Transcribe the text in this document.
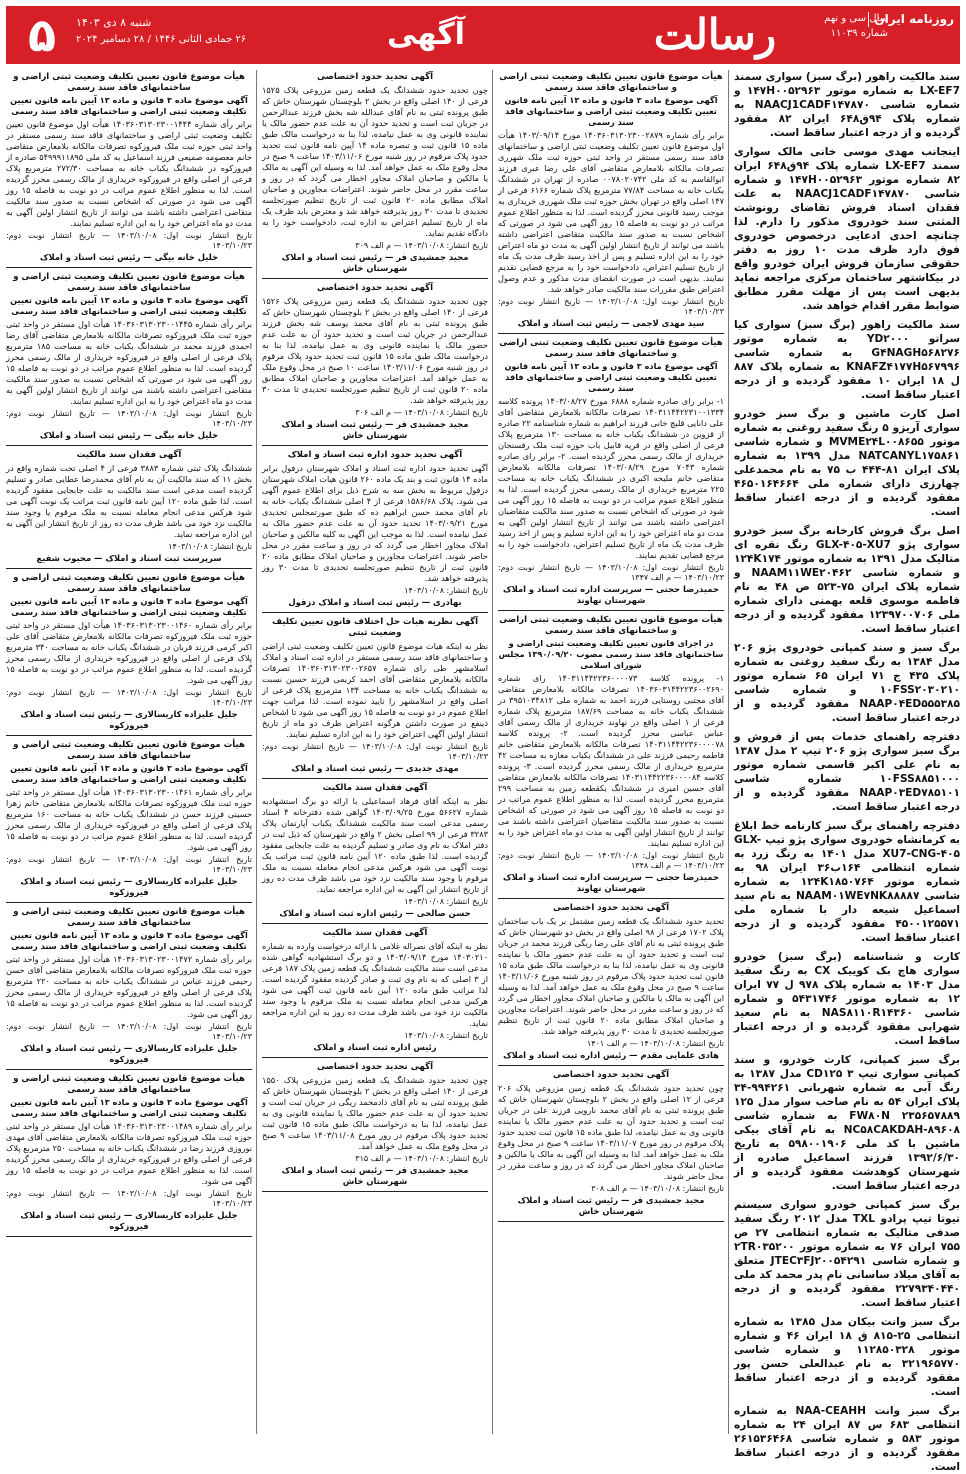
روزنامه ایران
سال سی و نهم
شماره ۱۱۰۳۹
رسالت
آگهی
شنبه ۸ دی ۱۴۰۳
۲۶ جمادی الثانی ۱۴۴۶ / ۲۸ دسامبر ۲۰۲۴
۵

سند مالکیت راهور (برگ سبز) سواری سمند LX-EF7 به شماره موتور ۱۴۷H۰۰۵۲۹۶۳ و شماره شاسی NAACJ1CADF۱۴۷۸۷۰ به شماره پلاک ۹۴ق۶۴۸ ایران ۸۲ مفقود گردیده و از درجه اعتبار ساقط است.

اینجانب مهدی موسی خانی مالک سواری سمند LX-EF7 شماره پلاک ۹۴ق۶۴۸ ایران ۸۲ شماره موتور ۱۴۷H۰۰۵۲۹۶۳ و شماره شاسی NAACJ1CADF۱۴۷۸۷۰ به علت فقدان اسناد فروش تقاضای رونوشت المثنی سند خودروی مذکور را دارم. لذا چنانچه احدی ادعایی درخصوص خودروی فوق دارد ظرف مدت ۱۰ روز به دفتر حقوقی سازمان فروش ایران خودرو واقع در بیکاشتهر ساختمان مرکزی مراجعه نماید بدیهی است پس از مهلت مقرر مطابق ضوابط مقرر اقدام خواهد شد.

سند مالکیت راهور (برگ سبز) سواری کیا سراتو YD۲۰۰۰ به شماره موتور G۴NAGH۵۶۸۲۷۶ به شماره شاسی KNAFZ۴۱۷۷H۵۶۷۹۹۶ به شماره پلاک ۸۸۷ ل ۱۸ ایران ۱۰ مفقود گردیده و از درجه اعتبار ساقط است.

اصل کارت ماشین و برگ سبز خودرو سواری آریزو ۵ رنگ سفید روغنی به شماره موتور MVME۲۴L۰۰۸۶۵۵ و شماره شاسی NATCANYL۱۷۵۸۶۱ مدل ۱۳۹۹ به شماره پلاک ایران ۸۱-۴۴۴ ب ۷۵ به نام محمدعلی چهارزی دارای شماره ملی ۴۶۵۰۱۶۴۶۶۴ مفقود گردیده و از درجه اعتبار ساقط است.

اصل برگ فروش کارخانه برگ سبز خودرو سواری پژو GLX-۴۰۵-XU7 رنگ نقره ای متالیک مدل ۱۳۹۱ به شماره موتور ۱۲۴K۱۷۴ و شماره شاسی NAAM۱۱WE۲۰۴۶۲ و شماره پلاک ایران ۷۵-۵۲۳ ص ۴۸ به نام فاطمه موسوی قلعه بهمنی دارای شماره ملی ۱۲۳۹۷۰۰۷۰۶ مفقود گردیده و از درجه اعتبار ساقط است.

برگ سبز و سند کمپانی خودروی پژو ۲۰۶ مدل ۱۳۸۴ به رنگ سفید روغنی به شماره پلاک ۴۳۵ ج ۷۱ ایران ۶۵ شماره موتور ۱۰FSS۲۰۳۰۲۱۰ و شماره شاسی NAAP۰۴ED۵۵۵۳۸۵ مفقود گردیده و از درجه اعتبار ساقط است.

دفترچه راهنمای خدمات پس از فروش و برگ سبز سواری پژو ۲۰۶ تیپ ۲ مدل ۱۳۸۷ به نام علی اکبر قاسمی شماره موتور ۱۰FSS۸۸۵۱۰۰۰ شماره شاسی NAAP۰۳ED۷۸۵۱۰۱ مفقود گردیده و از درجه اعتبار ساقط است.

دفترچه راهنمای برگ سبز کارنامه خط ابلاغ به کرمانشاه خودروی سواری پژو تیپ GLX-XU7-CNG-۴۰۵ مدل ۱۴۰۱ به رنگ زرد به شماره انتظامی ۱۶۴ب۳۶ ایران ۹۸ به شماره موتور ۱۲۴K۱۸۵۰۷۶۴ به شماره شاسی NAAM۰۱WE۷NK۸۸۸۸۷ به نام سید اسماعیل شیعه دار با شماره ملی ۴۵۰۰۱۲۵۵۷۱ مفقود گردیده و از درجه اعتبار ساقط است.

کارت و شناسنامه (برگ سبز) خودرو سواری هاچ بک کوییک CX به رنگ سفید مدل ۱۴۰۳ به شماره پلاک ۹۷۸ ل ۷۷ ایران ۱۲ به شماره موتور ۵۴۳۱۷۴۶ و شماره شاسی NAS۸۱۱۰R۱۴۳۶۰ به نام سعید شهرابی مفقود گردیده و از درجه اعتبار ساقط است.

برگ سبز کمپانی، کارت خودرو، و سند کمپانی سواری تیپ ۳ CD۱۲۵ مدل ۱۳۸۷ به رنگ آبی به شماره شهربانی ۹۹۴۲۶۱-۳۴ پلاک ایران ۵۴ به نام صاحب سوار مدل ۱۲۵ FW۸۰N ۲۳۵۶۵۷۸۸۹ به شماره شاسی NC۵۸CAKDAH-۸۹۶۰۸ به نام آقای بیکی ماشین با کد ملی ۵۹۸۰۰۱۹۰۶ به تاریخ ۱۳۹۲/۶/۳۰ فرزند اسماعیل صادره از شهرستان کوهدشت مفقود گردیده و از درجه اعتبار ساقط است.

برگ سبز کمپانی خودرو سواری سیستم تیوتا تیپ پرادو TXL مدل ۲۰۱۲ رنگ سفید صدفی متالیک به شماره انتظامی ۲۷ ص ۷۵۵ ایران ۷۶ به شماره موتور ۲TR۰۳۵۲۰۰ و شماره شاسی JTEC۳FJ۲۰۰۵۴۲۹۱ متعلق به آقای میلاد ساسانی نام پدر محمد کد ملی ۲۲۷۹۳۴۰۴۴۰ مفقود گردیده و از درجه اعتبار ساقط است.

برگ سبز وانت بیکان مدل ۱۳۸۵ به شماره انتظامی ۲۵-۸۱۵ ق ۱۸ ایران ۴۶ و شماره موتور ۱۱۲۸۵۰۳۲۸ و شماره شاسی ۳۲۱۹۶۵۷۷۰ به نام عبدالعلی حسن پور مفقود گردیده و از درجه اعتبار ساقط است.

برگ سبز وانت NAA-CEAHH به شماره انتظامی ۶۸۳ س ۸۷ ایران ۲۴ به شماره موتور ۵۸۳ و شماره شاسی ۲۶۱۵۳۶۴۶۸ مفقود گردیده و از درجه اعتبار ساقط است.

هیأت موضوع قانون تعیین تکلیف وضعیت ثبتی اراضی و ساختمانهای فاقد سند رسمی
آگهی موضوع ماده ۳ قانون و ماده ۱۳ آیین نامه قانون تعیین تکلیف وضعیت ثبتی اراضی و ساختمانهای فاقد سند رسمی
برابر رأی شماره ۱۴۰۳۶۰۳۱۳۰۲۳۰۰۲۸۷۹ مورخ ۱۴۰۳/۰۹/۱۴ هیأت اول موضوع قانون تعیین تکلیف وضعیت ثبتی اراضی و ساختمانهای فاقد سند رسمی مستقر در واحد ثبتی حوزه ثبت ملک شهرری تصرفات مالکانه بلامعارض متقاضی آقای علی رضا عبری فرزند ابوالقاسم به کد ملی ۰۰۷۸۰۲۰۷۴۲ صادره از تهران در ششدانگ یکباب خانه به مساحت ۷۷/۸۴ مترمربع پلاک شماره ۶۱۶۶ فرعی از ۱۴۷ اصلی واقع در تهران بخش حوزه ثبت ملک شهرری خریداری به موجب رسید قانونی محرز گردیده است. لذا به منظور اطلاع عموم مراتب در دو نوبت به فاصله ۱۵ روز آگهی می شود در صورتی که اشخاص نسبت به صدور سند مالکیت متقاضی اعتراضی داشته باشند می توانند از تاریخ انتشار اولین آگهی به مدت دو ماه اعتراض خود را به این اداره تسلیم و پس از اخذ رسید ظرف مدت یک ماه از تاریخ تسلیم اعتراض، دادخواست خود را به مرجع قضایی تقدیم نمایند. بدیهی است در صورت انقضای مدت مذکور و عدم وصول اعتراض طبق مقررات سند مالکیت صادر خواهد شد.
تاریخ انتشار نوبت اول: ۱۴۰۳/۱۰/۰۸ — تاریخ انتشار نوبت دوم: ۱۴۰۳/۱۰/۲۳
سید مهدی لاجمی — رئیس ثبت اسناد و املاک
هیأت موضوع قانون تعیین تکلیف وضعیت ثبتی اراضی و ساختمانهای فاقد سند رسمی
آگهی موضوع ماده ۳ قانون و ماده ۱۳ آیین نامه قانون تعیین تکلیف وضعیت ثبتی اراضی و ساختمانهای فاقد سند رسمی
۱- برابر رای صادره شماره ۶۸۸۸ مورخ ۱۴۰۳/۰۸/۲۷ پرونده کلاسه ۱۴۰۳۱۱۴۴۲۲۳۱۰۰۱۳۳۴ تصرفات مالکانه بلامعارض متقاضی آقای علی دانایی قلیچ خانی فرزند ابراهیم به شماره شناسنامه ۲۲ صادره از قزوین در ششدانگ یکباب خانه به مساحت ۱۳۰ مترمربع پلاک فرعی از اصلی واقع در قریه قابیل باب حوزه ثبت ملک رفسنجان خریداری از مالک رسمی محرز گردیده است. ۲- برابر رای صادره شماره ۷۰۴۳ مورخ ۱۴۰۳/۰۸/۲۹ تصرفات مالکانه بلامعارض متقاضی خانم ملیحه اکبری در ششدانگ یکباب خانه به مساحت ۲۲۵ مترمربع خریداری از مالک رسمی محرز گردیده است. لذا به منظور اطلاع عموم مراتب در دو نوبت به فاصله ۱۵ روز آگهی می شود در صورتی که اشخاص نسبت به صدور سند مالکیت متقاضیان اعتراضی داشته باشند می توانند از تاریخ انتشار اولین آگهی به مدت دو ماه اعتراض خود را به این اداره تسلیم و پس از اخذ رسید ظرف مدت یک ماه از تاریخ تسلیم اعتراض، دادخواست خود را به مرجع قضایی تقدیم نمایند.
تاریخ انتشار نوبت اول: ۱۴۰۳/۱۰/۰۸ — تاریخ انتشار نوبت دوم: ۱۴۰۳/۱۰/۲۳ — م الف ۱۳۴۷
حمیدرضا حجتی — سرپرست اداره ثبت اسناد و املاک شهرستان نهاوند
هیأت موضوع قانون تعیین تکلیف وضعیت ثبتی اراضی و ساختمانهای فاقد سند رسمی
در اجرای قانون تعیین تکلیف وضعیت ثبتی اراضی و ساختمانهای فاقد سند رسمی مصوب ۱۳۹۰/۰۹/۲۰ مجلس شورای اسلامی
۱- پرونده کلاسه ۱۴۰۳۱۱۴۴۲۲۳۶۰۰۰۰۷۳ رای شماره ۱۴۰۳۶۰۳۱۴۴۲۲۳۶۰۰۲۶۹۰ تصرفات مالکانه بلامعارض متقاضی آقای مجتبی روستایی فرزند احمد به شماره ملی ۳۹۵۱۰۳۴۸۱۲ در ششدانگ یکباب خانه به مساحت ۱۸۷/۶۹ مترمربع پلاک شماره فرعی از ۱ اصلی واقع در نهاوند خریداری از مالک رسمی آقای عباس عباسی محرز گردیده است. ۲- پرونده کلاسه ۱۴۰۳۱۱۴۴۲۲۳۶۰۰۰۰۷۸ تصرفات مالکانه بلامعارض متقاضی خانم فاطمه رحیمی فرزند علی در ششدانگ یکباب مغازه به مساحت ۴۲ مترمربع خریداری از مالک رسمی محرز گردیده است. ۳- پرونده کلاسه ۱۴۰۳۱۱۴۴۲۲۳۶۰۰۰۰۸۴ تصرفات مالکانه بلامعارض متقاضی آقای حسین امیری در ششدانگ یکقطعه زمین به مساحت ۲۹۹ مترمربع محرز گردیده است. لذا به منظور اطلاع عموم مراتب در دو نوبت به فاصله ۱۵ روز آگهی می شود در صورتی که اشخاص نسبت به صدور سند مالکیت متقاضیان اعتراضی داشته باشند می توانند از تاریخ انتشار اولین آگهی به مدت دو ماه اعتراض خود را به این اداره تسلیم نمایند.
تاریخ انتشار نوبت اول: ۱۴۰۳/۱۰/۰۸ — تاریخ انتشار نوبت دوم: ۱۴۰۳/۱۰/۲۳ — م الف ۱۳۴۸
حمیدرضا حجتی — سرپرست اداره ثبت اسناد و املاک شهرستان نهاوند
آگهی تحدید حدود اختصاصی
تحدید حدود ششدانگ یک قطعه زمین مشتمل بر یک باب ساختمان پلاک ۱۷۰۲ فرعی از ۹۸ اصلی واقع در بخش دو شهرستان خاش که طبق پرونده ثبتی به نام آقای علی رضا ریگی فرزند محمد در جریان ثبت است و تحدید حدود آن به علت عدم حضور مالک یا نماینده قانونی وی به عمل نیامده، لذا بنا به درخواست مالک طبق ماده ۱۵ قانون ثبت تحدید حدود پلاک مرقوم در روز شنبه مورخ ۱۴۰۳/۱۱/۰۶ ساعت ۹ صبح در محل وقوع ملک به عمل خواهد آمد. لذا به وسیله این آگهی به مالک یا مالکین و صاحبان املاک مجاور اخطار می گردد که در روز و ساعت مقرر در محل حاضر شوند. اعتراضات مجاورین و صاحبان املاک مطابق ماده ۲۰ قانون ثبت از تاریخ تنظیم صورتجلسه تحدیدی تا مدت ۳۰ روز پذیرفته خواهد شد.
تاریخ انتشار: ۱۴۰۳/۱۰/۰۸ — م الف ۱۴۰۱
هادی علمایی مقدم — رئیس اداره ثبت اسناد و املاک
آگهی تحدید حدود اختصاصی
چون تحدید حدود ششدانگ یک قطعه زمین مزروعی پلاک ۲۰۶ فرعی از ۱۲ اصلی واقع در بخش ۲ بلوچستان شهرستان خاش که طبق پرونده ثبتی به نام آقای محمد نارویی فرزند علی در جریان ثبت است و تحدید حدود آن به علت عدم حضور مالک یا نماینده قانونی وی به عمل نیامده، لذا طبق ماده ۱۵ قانون ثبت تحدید حدود پلاک مرقوم در روز مورخ ۱۴۰۳/۱۱/۰۷ ساعت ۹ صبح در محل وقوع ملک به عمل خواهد آمد. لذا به وسیله این آگهی به مالک یا مالکین و صاحبان املاک مجاور اخطار می گردد که در روز و ساعت مقرر در محل حاضر شوند.
تاریخ انتشار: ۱۴۰۳/۱۰/۰۸ — م الف ۳۰۸
مجید جمشیدی فر — رئیس ثبت اسناد و املاک شهرستان خاش
آگهی تحدید حدود اختصاصی
چون تحدید حدود ششدانگ یک قطعه زمین مزروعی پلاک ۱۵۲۵ فرعی از ۱۴۰ اصلی واقع در بخش ۲ بلوچستان شهرستان خاش که طبق پرونده ثبتی به نام آقای عبدالله شه بخش فرزند عبدالرحمن در جریان ثبت است و تحدید حدود آن به علت عدم حضور مالک یا نماینده قانونی وی به عمل نیامده، لذا بنا به درخواست مالک طبق ماده ۱۵ قانون ثبت و تبصره ماده ۱۴ آیین نامه قانون ثبت تحدید حدود پلاک مرقوم در روز شنبه مورخ ۱۴۰۳/۱۱/۰۶ ساعت ۹ صبح در محل وقوع ملک به عمل خواهد آمد. لذا به وسیله این آگهی به مالک یا مالکین و صاحبان املاک مجاور اخطار می گردد که در روز و ساعت مقرر در محل حاضر شوند. اعتراضات مجاورین و صاحبان املاک مطابق ماده ۲۰ قانون ثبت از تاریخ تنظیم صورتجلسه تحدیدی تا مدت ۳۰ روز پذیرفته خواهد شد و معترض باید ظرف یک ماه از تاریخ تسلیم اعتراض به اداره ثبت، دادخواست خود را به دادگاه تقدیم نماید.
تاریخ انتشار: ۱۴۰۳/۱۰/۰۸ — م الف ۳۰۹
مجید جمشیدی فر — رئیس ثبت اسناد و املاک شهرستان خاش
آگهی تحدید حدود اختصاصی
چون تحدید حدود ششدانگ یک قطعه زمین مزروعی پلاک ۱۵۲۶ فرعی از ۱۴۰ اصلی واقع در بخش ۲ بلوچستان شهرستان خاش که طبق پرونده ثبتی به نام آقای محمد یوسف شه بخش فرزند عبدالرحمن در جریان ثبت است و تحدید حدود آن به علت عدم حضور مالک یا نماینده قانونی وی به عمل نیامده، لذا بنا به درخواست مالک طبق ماده ۱۵ قانون ثبت تحدید حدود پلاک مرقوم در روز شنبه مورخ ۱۴۰۳/۱۱/۰۶ ساعت ۱۰ صبح در محل وقوع ملک به عمل خواهد آمد. اعتراضات مجاورین و صاحبان املاک مطابق ماده ۲۰ قانون ثبت از تاریخ تنظیم صورتجلسه تحدیدی تا مدت ۳۰ روز پذیرفته خواهد شد.
تاریخ انتشار: ۱۴۰۳/۱۰/۰۸ — م الف ۳۰۶
مجید جمشیدی فر — رئیس ثبت اسناد و املاک شهرستان خاش
آگهی تحدید حدود اداره ثبت اسناد و املاک
آگهی تحدید حدود اداره ثبت اسناد و املاک شهرستان دزفول برابر ماده ۱۴ قانون ثبت و بند یک ماده ۲۶۰ قانون هیات املاک شهرستان دزفول مربوط به بخش سه به شرح ذیل برای اطلاع عموم آگهی می شود. پلاک ۱۵۸۶/۶۸ فرعی از ۴ اصلی ششدانگ یکباب خانه به نام آقای محمد حسن ابراهیم ده که طبق صورتمجلس تحدیدی مورخ ۱۴۰۳/۰۹/۲۱ تحدید حدود آن به علت عدم حضور مالک به عمل نیامده است. لذا به موجب این آگهی به کلیه مالکین و صاحبان املاک مجاور اخطار می گردد که در روز و ساعت مقرر در محل حاضر شوند. اعتراضات مجاورین و صاحبان املاک مطابق ماده ۲۰ قانون ثبت از تاریخ تنظیم صورتجلسه تحدیدی تا مدت ۳۰ روز پذیرفته خواهد شد.
تاریخ انتشار: ۱۴۰۳/۱۰/۰۸
بهادری — رئیس ثبت اسناد و املاک دزفول
آگهی نظریه هیات حل اختلاف قانون تعیین تکلیف وضعیت ثبتی
نظر به اینکه هیات موضوع قانون تعیین تکلیف وضعیت ثبتی اراضی و ساختمانهای فاقد سند رسمی مستقر در اداره ثبت اسناد و املاک اسلامشهر طی رای شماره ۱۴۰۳۶۰۳۱۳۰۲۳۰۰۲۶۵۷ تصرفات مالکانه بلامعارض متقاضی آقای احمد کریمی فرزند حسین نسبت به ششدانگ یکباب خانه به مساحت ۱۳۴ مترمربع پلاک فرعی از اصلی واقع در اسلامشهر را تایید نموده است. لذا مراتب جهت اطلاع عموم در دو نوبت به فاصله ۱۵ روز آگهی می شود تا اشخاص ذینفع در صورت داشتن هرگونه اعتراض ظرف دو ماه از تاریخ انتشار اولین آگهی اعتراض خود را به این اداره تسلیم نمایند.
تاریخ انتشار نوبت اول: ۱۴۰۳/۱۰/۰۸ — تاریخ انتشار نوبت دوم: ۱۴۰۳/۱۰/۲۳
مهدی جدیدی — رئیس ثبت اسناد و املاک
آگهی فقدان سند مالکیت
نظر به اینکه آقای فرهاد اسماعیلی با ارائه دو برگ استشهادیه شماره ۵۶۶۲۷ مورخ ۱۴۰۳/۰۹/۲۵ گواهی شده دفترخانه ۴ اسناد رسمی مدعی است سند مالکیت ششدانگ یکباب آپارتمان پلاک ۳۲۸۳ فرعی از ۹۹ اصلی بخش ۲ واقع در شهرستان که ذیل ثبت در دفتر املاک به نام وی صادر و تسلیم گردیده به علت جابجایی مفقود گردیده است. لذا طبق ماده ۱۲۰ آیین نامه قانون ثبت مراتب یک نوبت آگهی می شود هرکس مدعی انجام معامله نسبت به ملک مرقوم یا وجود سند مالکیت نزد خود می باشد ظرف مدت ده روز از تاریخ انتشار این آگهی به این اداره مراجعه نماید.
تاریخ انتشار: ۱۴۰۳/۱۰/۰۸
حسن صالحی — رئیس اداره ثبت اسناد و املاک
آگهی فقدان سند مالکیت
نظر به اینکه آقای نصراله غلامی با ارائه درخواست وارده به شماره ۱۴۰۳۰۲۱۰ مورخ ۱۴۰۳/۰۹/۱۴ و دو برگ استشهادیه گواهی شده مدعی است سند مالکیت ششدانگ یک قطعه زمین پلاک ۱۸۷ فرعی از ۳ اصلی که به نام وی ثبت و صادر گردیده مفقود گردیده است. لذا مراتب طبق ماده ۱۲۰ آیین نامه قانون ثبت آگهی می شود هرکس مدعی انجام معامله نسبت به ملک مرقوم یا وجود سند مالکیت نزد خود می باشد ظرف مدت ده روز به این اداره مراجعه نماید.
تاریخ انتشار: ۱۴۰۳/۱۰/۰۸
رئیس اداره ثبت اسناد و املاک
آگهی تحدید حدود اختصاصی
چون تحدید حدود ششدانگ یک قطعه زمین مزروعی پلاک ۱۵۵۰ فرعی از ۱۴۰ اصلی واقع در بخش ۲ بلوچستان شهرستان خاش که طبق پرونده ثبتی به نام آقای دادمحمد ریگی در جریان ثبت است و تحدید حدود آن به علت عدم حضور مالک یا نماینده قانونی وی به عمل نیامده، لذا بنا به درخواست مالک طبق ماده ۱۵ قانون ثبت تحدید حدود پلاک مرقوم در روز مورخ ۱۴۰۳/۱۱/۰۸ ساعت ۹ صبح در محل وقوع ملک به عمل خواهد آمد.
تاریخ انتشار: ۱۴۰۳/۱۰/۰۸ — م الف ۳۱۵
مجید جمشیدی فر — رئیس ثبت اسناد و املاک شهرستان خاش
هیأت موضوع قانون تعیین تکلیف وضعیت ثبتی اراضی و ساختمانهای فاقد سند رسمی
آگهی موضوع ماده ۳ قانون و ماده ۱۳ آیین نامه قانون تعیین تکلیف وضعیت ثبتی اراضی و ساختمانهای فاقد سند رسمی
برابر رأی شماره ۱۴۰۳۶۰۳۱۳۰۲۳۰۰۱۴۴۴ هیأت اول موضوع قانون تعیین تکلیف وضعیت ثبتی اراضی و ساختمانهای فاقد سند رسمی مستقر در واحد ثبتی حوزه ثبت ملک فیروزکوه تصرفات مالکانه بلامعارض متقاضی خانم معصومه صمیعی فرزند اسماعیل به کد ملی ۵۴۹۹۹۱۱۸۹۵ صادره از فیروزکوه در ششدانگ یکباب خانه به مساحت ۲۷۲/۳۰ مترمربع پلاک فرعی از اصلی واقع در فیروزکوه خریداری از مالک رسمی محرز گردیده است. لذا به منظور اطلاع عموم مراتب در دو نوبت به فاصله ۱۵ روز آگهی می شود در صورتی که اشخاص نسبت به صدور سند مالکیت متقاضی اعتراضی داشته باشند می توانند از تاریخ انتشار اولین آگهی به مدت دو ماه اعتراض خود را به این اداره تسلیم نمایند.
تاریخ انتشار نوبت اول: ۱۴۰۳/۱۰/۰۸ — تاریخ انتشار نوبت دوم: ۱۴۰۳/۱۰/۲۳
خلیل خانه بیگی — رئیس ثبت اسناد و املاک
هیأت موضوع قانون تعیین تکلیف وضعیت ثبتی اراضی و ساختمانهای فاقد سند رسمی
آگهی موضوع ماده ۳ قانون و ماده ۱۳ آیین نامه قانون تعیین تکلیف وضعیت ثبتی اراضی و ساختمانهای فاقد سند رسمی
برابر رأی شماره ۱۴۰۳۶۰۳۱۳۰۲۳۰۰۱۴۴۵ هیأت اول مستقر در واحد ثبتی حوزه ثبت ملک فیروزکوه تصرفات مالکانه بلامعارض متقاضی آقای رضا احمدی فرزند محمد در ششدانگ یکباب خانه به مساحت ۱۸۵ مترمربع پلاک فرعی از اصلی واقع در فیروزکوه خریداری از مالک رسمی محرز گردیده است. لذا به منظور اطلاع عموم مراتب در دو نوبت به فاصله ۱۵ روز آگهی می شود در صورتی که اشخاص نسبت به صدور سند مالکیت متقاضی اعتراضی داشته باشند می توانند از تاریخ انتشار اولین آگهی به مدت دو ماه اعتراض خود را به این اداره تسلیم نمایند.
تاریخ انتشار نوبت اول: ۱۴۰۳/۱۰/۰۸ — تاریخ انتشار نوبت دوم: ۱۴۰۳/۱۰/۲۳
خلیل خانه بیگی — رئیس ثبت اسناد و املاک
آگهی فقدان سند مالکیت
ششدانگ پلاک ثبتی شماره ۳۸۸۳ فرعی از ۴ اصلی تحت شماره واقع در بخش ۱۱ که سند مالکیت آن به نام آقای محمدرضا عطایی صادر و تسلیم گردیده است مدعی است سند مالکیت به علت جابجایی مفقود گردیده است. لذا طبق ماده ۱۲۰ آیین نامه قانون ثبت مراتب یک نوبت آگهی می شود هرکس مدعی انجام معامله نسبت به ملک مرقوم یا وجود سند مالکیت نزد خود می باشد ظرف مدت ده روز از تاریخ انتشار این آگهی به این اداره مراجعه نماید.
تاریخ انتشار: ۱۴۰۳/۱۰/۰۸
سرپرست ثبت اسناد و املاک — محبوب شفیع
هیأت موضوع قانون تعیین تکلیف وضعیت ثبتی اراضی و ساختمانهای فاقد سند رسمی
آگهی موضوع ماده ۳ قانون و ماده ۱۳ آیین نامه قانون تعیین تکلیف وضعیت ثبتی اراضی و ساختمانهای فاقد سند رسمی
برابر رأی شماره ۱۴۰۳۶۰۳۱۳۰۲۳۰۰۱۴۶۰ هیأت اول مستقر در واحد ثبتی حوزه ثبت ملک فیروزکوه تصرفات مالکانه بلامعارض متقاضی آقای علی اکبر کرمی فرزند قربان در ششدانگ یکباب خانه به مساحت ۳۴۰ مترمربع پلاک فرعی از اصلی واقع در فیروزکوه خریداری از مالک رسمی محرز گردیده است. لذا به منظور اطلاع عموم مراتب در دو نوبت به فاصله ۱۵ روز آگهی می شود.
تاریخ انتشار نوبت اول: ۱۴۰۳/۱۰/۰۸ — تاریخ انتشار نوبت دوم: ۱۴۰۳/۱۰/۲۳
جلیل علیزاده کاریسالاری — رئیس ثبت اسناد و املاک فیروزکوه
هیأت موضوع قانون تعیین تکلیف وضعیت ثبتی اراضی و ساختمانهای فاقد سند رسمی
آگهی موضوع ماده ۳ قانون و ماده ۱۳ آیین نامه قانون تعیین تکلیف وضعیت ثبتی اراضی و ساختمانهای فاقد سند رسمی
برابر رأی شماره ۱۴۰۳۶۰۳۱۳۰۲۳۰۰۱۴۶۱ هیأت اول مستقر در واحد ثبتی حوزه ثبت ملک فیروزکوه تصرفات مالکانه بلامعارض متقاضی خانم زهرا حسینی فرزند حسن در ششدانگ یکباب خانه به مساحت ۱۶۰ مترمربع پلاک فرعی از اصلی واقع در فیروزکوه خریداری از مالک رسمی محرز گردیده است. لذا به منظور اطلاع عموم مراتب در دو نوبت به فاصله ۱۵ روز آگهی می شود.
تاریخ انتشار نوبت اول: ۱۴۰۳/۱۰/۰۸ — تاریخ انتشار نوبت دوم: ۱۴۰۳/۱۰/۲۳
جلیل علیزاده کاریسالاری — رئیس ثبت اسناد و املاک فیروزکوه
هیأت موضوع قانون تعیین تکلیف وضعیت ثبتی اراضی و ساختمانهای فاقد سند رسمی
آگهی موضوع ماده ۳ قانون و ماده ۱۳ آیین نامه قانون تعیین تکلیف وضعیت ثبتی اراضی و ساختمانهای فاقد سند رسمی
برابر رأی شماره ۱۴۰۳۶۰۳۱۳۰۲۳۰۰۱۴۷۲ هیأت اول مستقر در واحد ثبتی حوزه ثبت ملک فیروزکوه تصرفات مالکانه بلامعارض متقاضی آقای حسن رحیمی فرزند عباس در ششدانگ یکباب خانه به مساحت ۲۲۰ مترمربع پلاک فرعی از اصلی واقع در فیروزکوه خریداری از مالک رسمی محرز گردیده است. لذا به منظور اطلاع عموم مراتب در دو نوبت به فاصله ۱۵ روز آگهی می شود.
تاریخ انتشار نوبت اول: ۱۴۰۳/۱۰/۰۸ — تاریخ انتشار نوبت دوم: ۱۴۰۳/۱۰/۲۳
جلیل علیزاده کاریسالاری — رئیس ثبت اسناد و املاک فیروزکوه
هیأت موضوع قانون تعیین تکلیف وضعیت ثبتی اراضی و ساختمانهای فاقد سند رسمی
آگهی موضوع ماده ۳ قانون و ماده ۱۳ آیین نامه قانون تعیین تکلیف وضعیت ثبتی اراضی و ساختمانهای فاقد سند رسمی
برابر رأی شماره ۱۴۰۳۶۰۳۱۳۰۲۳۰۰۱۴۸۹ هیأت اول مستقر در واحد ثبتی حوزه ثبت ملک فیروزکوه تصرفات مالکانه بلامعارض متقاضی آقای مهدی نوروزی فرزند رضا در ششدانگ یکباب خانه به مساحت ۲۵۰ مترمربع پلاک فرعی از اصلی واقع در فیروزکوه خریداری از مالک رسمی محرز گردیده است. لذا به منظور اطلاع عموم مراتب در دو نوبت به فاصله ۱۵ روز آگهی می شود.
تاریخ انتشار نوبت اول: ۱۴۰۳/۱۰/۰۸ — تاریخ انتشار نوبت دوم: ۱۴۰۳/۱۰/۲۳
جلیل علیزاده کاریسالاری — رئیس ثبت اسناد و املاک فیروزکوه
